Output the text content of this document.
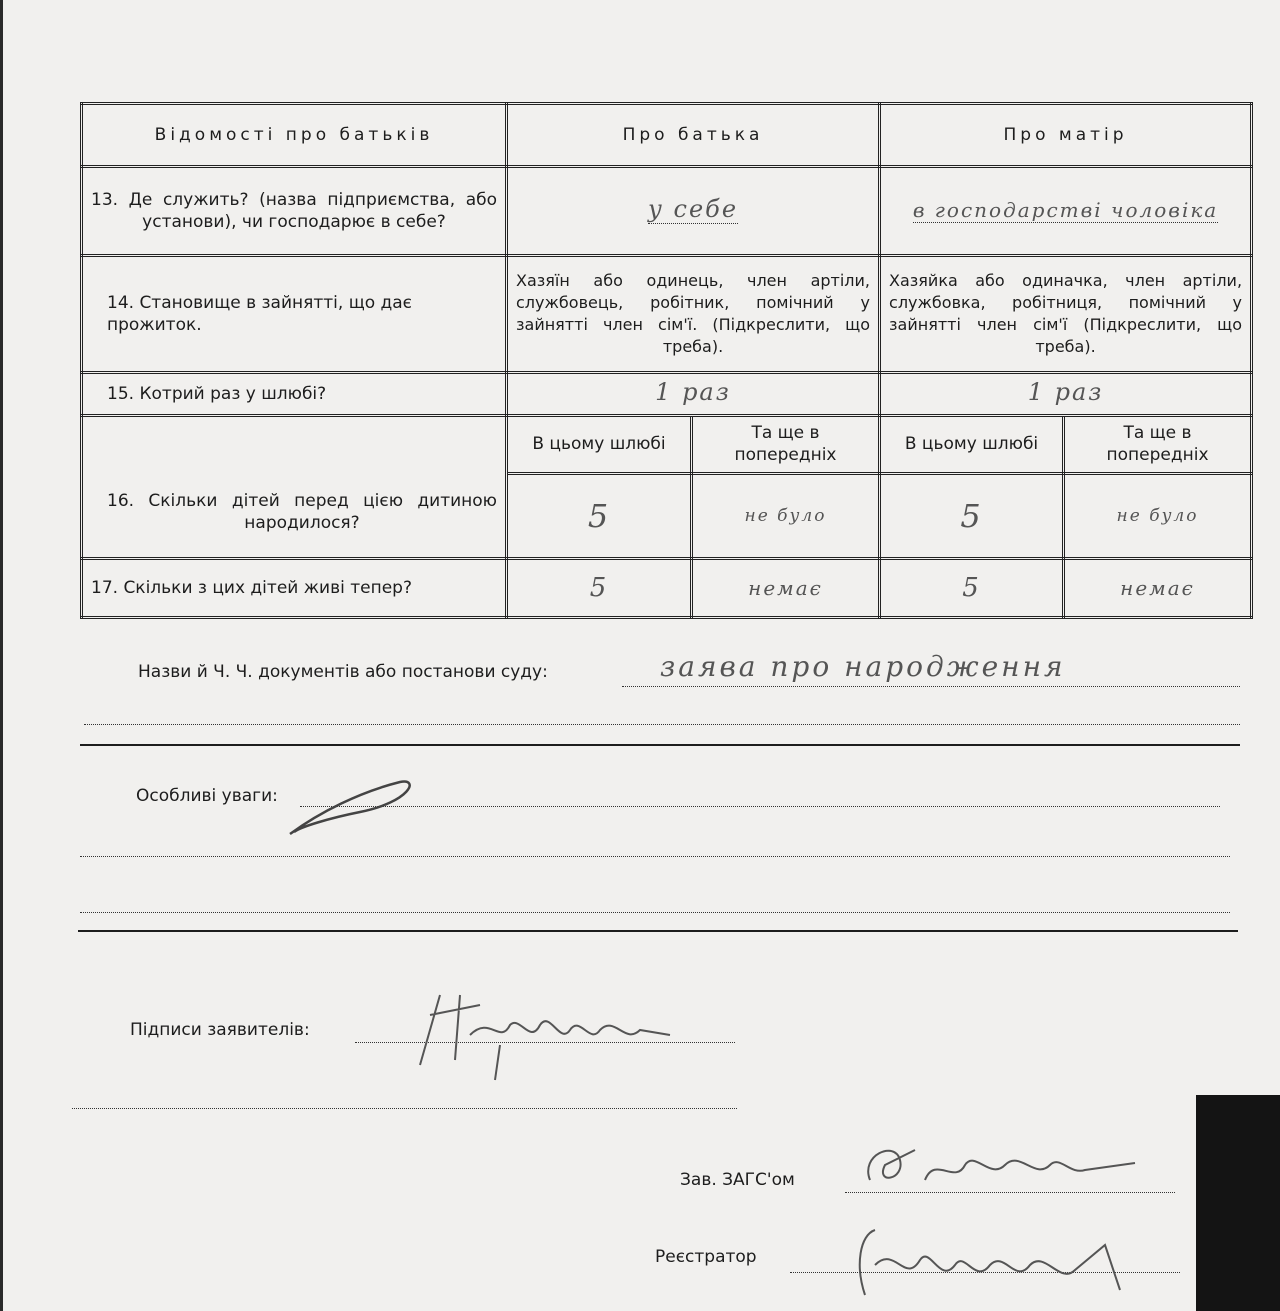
Відомості про батьків	Про батька		Про матір	
13. Де служить? (назва підприємства, або установи), чи господарює в себе?	у себе		в господарстві чоловіка	
14. Становище в зайнятті, що дає прожиток.	Хазяїн або одинець, член артіли, службовець, робітник, помічний у зайнятті член сім'ї. (Підкреслити, що треба).		Хазяйка або одиначка, член артіли, службовка, робітниця, помічний у зайнятті член сім'ї (Підкреслити, що треба).	
15. Котрий раз у шлюбі?	1 раз		1 раз	
16. Скільки дітей перед цією дитиною народилося?	В цьому шлюбі	Та ще в попередніх	В цьому шлюбі	Та ще в попередніх
	5	не було	5	не було
17. Скільки з цих дітей живі тепер?	5	немає	5	немає
Назви й Ч. Ч. документів або постанови суду:	заява про народження
Особливі уваги:
Підписи заявителів:
Зав. ЗАГС'ом
Реєстратор
